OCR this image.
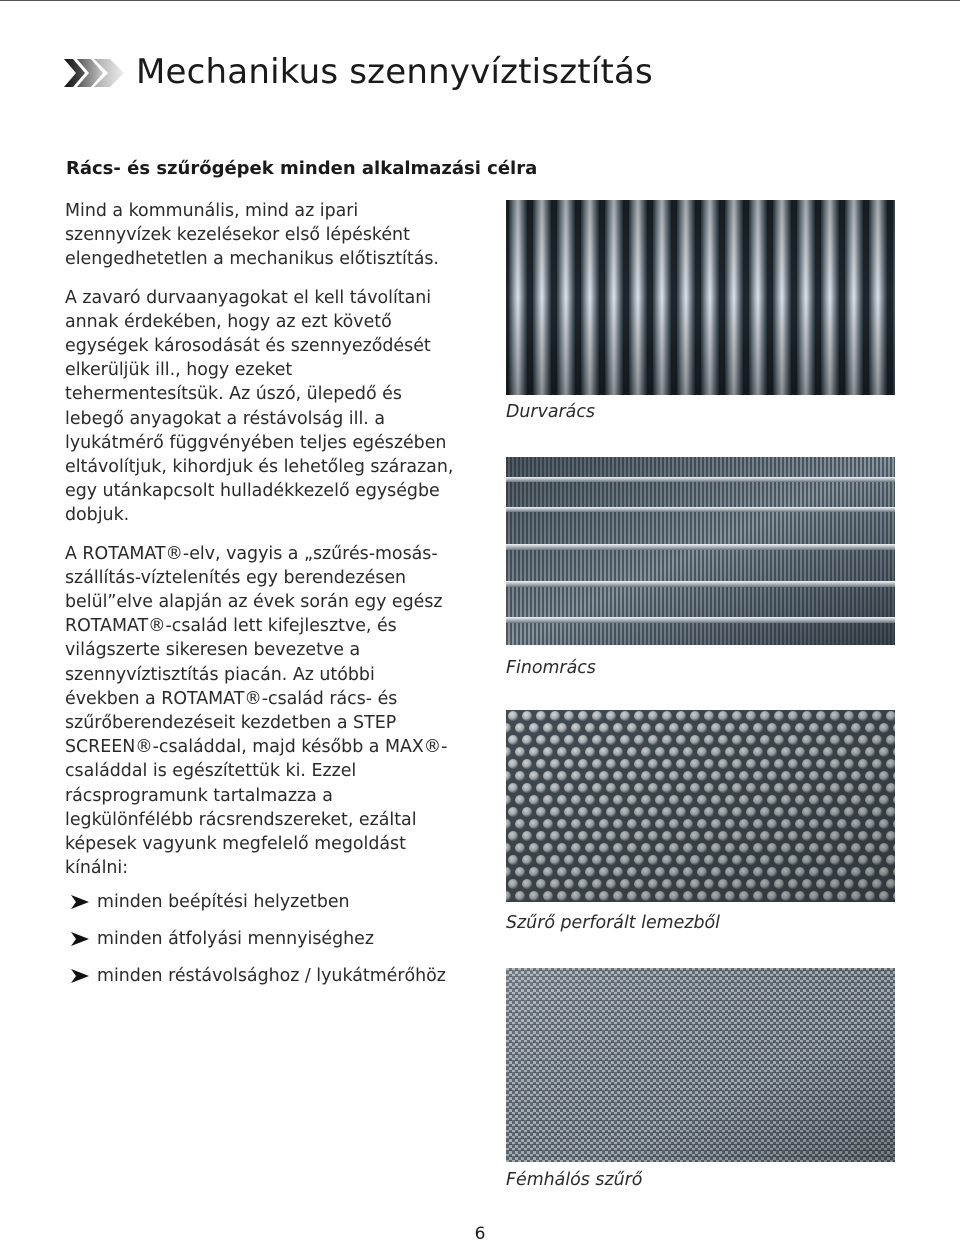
Mechanikus szennyvíztisztítás
Rács- és szűrőgépek minden alkalmazási célra

Mind a kommunális, mind az ipari
szennyvízek kezelésekor első lépésként
elengedhetetlen a mechanikus előtisztítás.

A zavaró durvaanyagokat el kell távolítani
annak érdekében, hogy az ezt követő
egységek károsodását és szennyeződését
elkerüljük ill., hogy ezeket
tehermentesítsük. Az úszó, ülepedő és
lebegő anyagokat a réstávolság ill. a
lyukátmérő függvényében teljes egészében
eltávolítjuk, kihordjuk és lehetőleg szárazan,
egy utánkapcsolt hulladékkezelő egységbe
dobjuk.

A ROTAMAT®-elv, vagyis a „szűrés-mosás-
szállítás-víztelenítés egy berendezésen
belül”elve alapján az évek során egy egész
ROTAMAT®-család lett kifejlesztve, és
világszerte sikeresen bevezetve a
szennyvíztisztítás piacán. Az utóbbi
években a ROTAMAT®-család rács- és
szűrőberendezéseit kezdetben a STEP
SCREEN®-családdal, majd később a MAX®-
családdal is egészítettük ki. Ezzel
rácsprogramunk tartalmazza a
legkülönfélébb rácsrendszereket, ezáltal
képesek vagyunk megfelelő megoldást
kínálni:

minden beépítési helyzetben
minden átfolyási mennyiséghez
minden réstávolsághoz / lyukátmérőhöz
Durvarács
Finomrács
Szűrő perforált lemezből
Fémhálós szűrő
6
